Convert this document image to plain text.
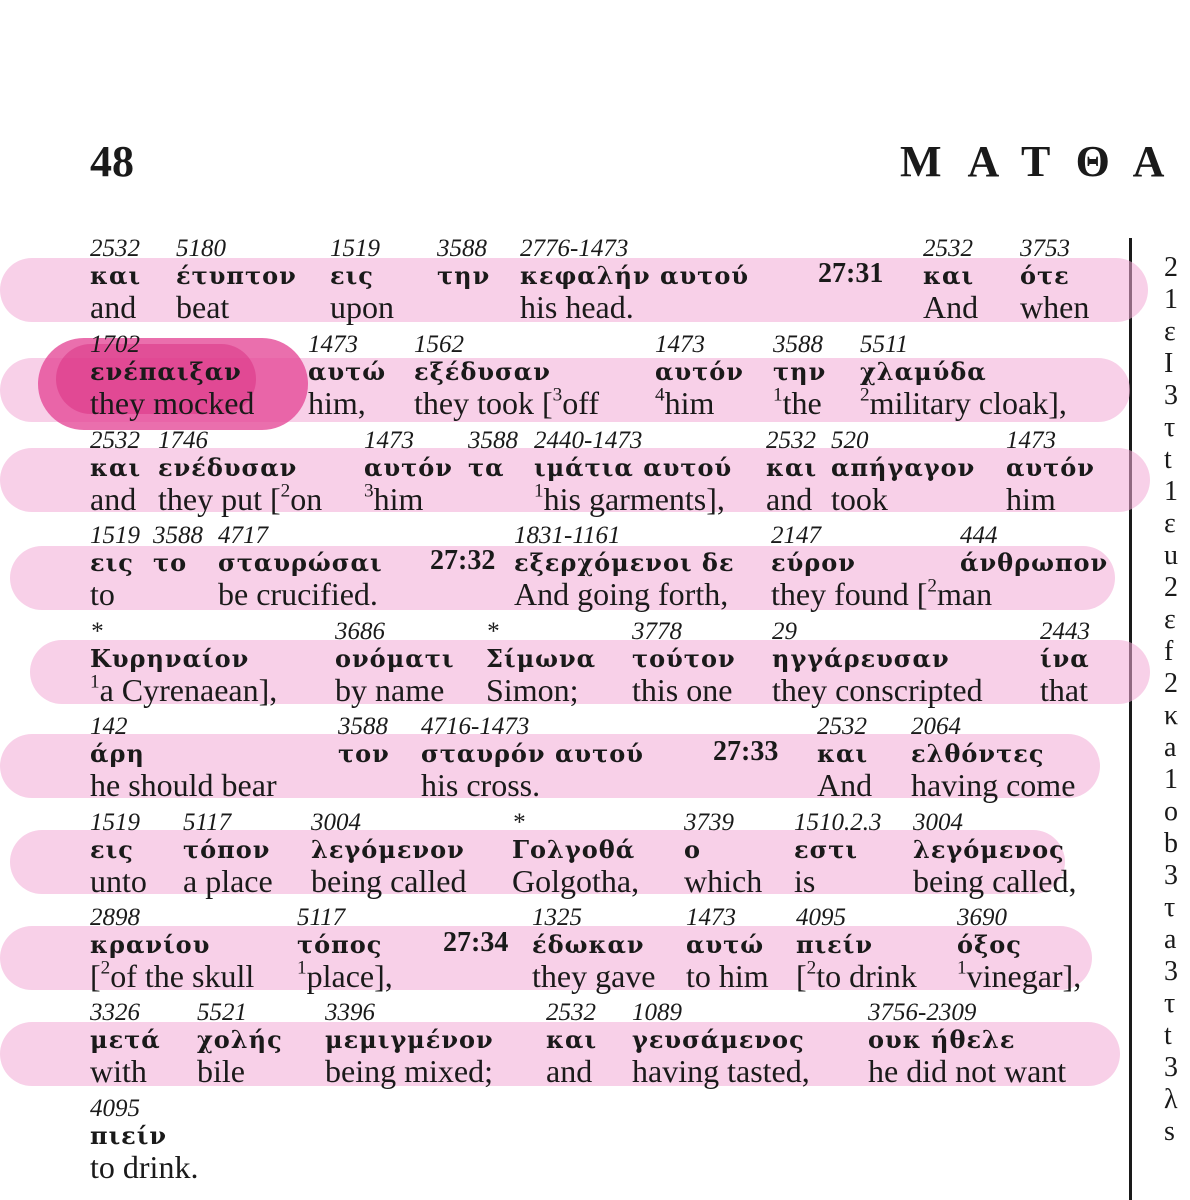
48	ΜΑΤΘΑ
2532
και
and
5180
έτυπτον
beat
1519
εις
upon
3588
την
2776-1473
κεφαλήν αυτού
his head.
2532
και
And
3753
ότε
when
27:31
1702
ενέπαιξαν
they mocked
1473
αυτώ
him,
1562
εξέδυσαν
they took [$^3$off
1473
αυτόν
$^4$him
3588
την
$^1$the
5511
χλαμύδα
$^2$military cloak],
2532
και
and
1746
ενέδυσαν
they put [$^2$on
1473
αυτόν
$^3$him
3588
τα
2440-1473
ιμάτια αυτού
$^1$his garments],
2532
και
and
520
απήγαγον
took
1473
αυτόν
him
1519
εις
to
3588
το
4717
σταυρώσαι
be crucified.
1831-1161
εξερχόμενοι δε
And going forth,
2147
εύρον
they found [$^2$man
444
άνθρωπον
27:32
*
Κυρηναίον
$^1$a Cyrenaean],
3686
ονόματι
by name
*
Σίμωνα
Simon;
3778
τούτον
this one
29
ηγγάρευσαν
they conscripted
2443
ίνα
that
142
άρη
he should bear
3588
τον
4716-1473
σταυρόν αυτού
his cross.
2532
και
And
2064
ελθόντες
having come
27:33
1519
εις
unto
5117
τόπον
a place
3004
λεγόμενον
being called
*
Γολγοθά
Golgotha,
3739
ο
which
1510.2.3
εστι
is
3004
λεγόμενος
being called,
2898
κρανίου
[$^2$of the skull
5117
τόπος
$^1$place],
1325
έδωκαν
they gave
1473
αυτώ
to him
4095
πιείν
[$^2$to drink
3690
όξος
$^1$vinegar],
27:34
3326
μετά
with
5521
χολής
bile
3396
μεμιγμένον
being mixed;
2532
και
and
1089
γευσάμενος
having tasted,
3756-2309
ουκ ήθελε
he did not want
4095
πιείν
to drink.
2
1
ε
I
3
τ
t
1
ε
u
2
ε
f
2
κ
a
1
ο
b
3
τ
a
3
τ
t
3
λ
s
